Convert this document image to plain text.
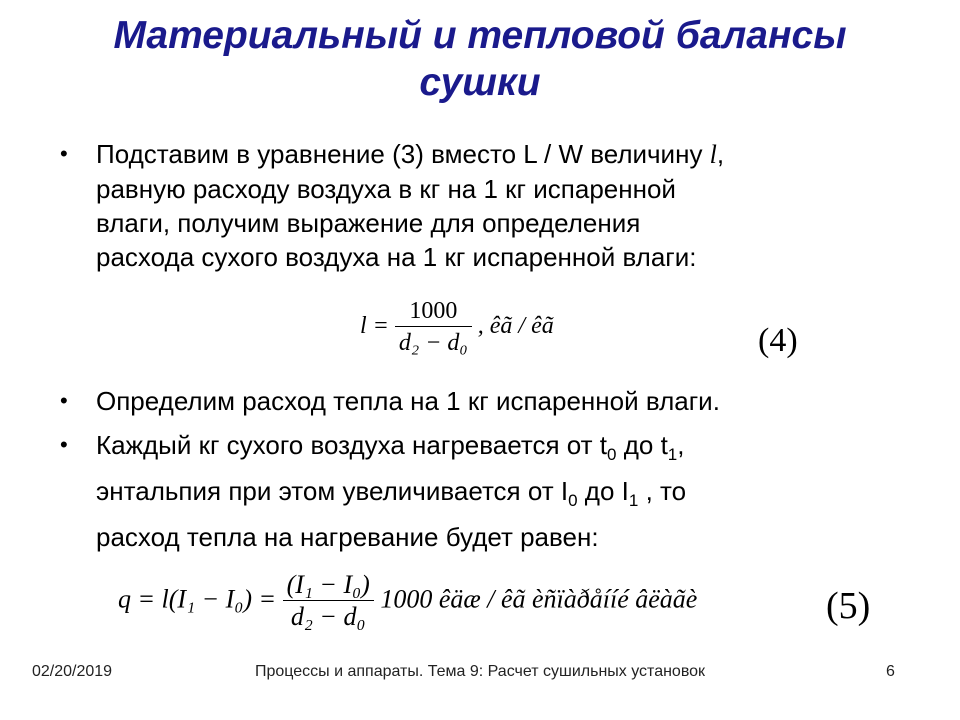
Материальный и тепловой балансы
сушки
• Подставим в уравнение (3) вместо L / W величину l,
равную расходу воздуха в кг на 1 кг испаренной
влаги, получим выражение для определения
расхода сухого воздуха на 1 кг испаренной влаги:
$l = \frac{1000}{\text{d₂ − d₀}}$ , êã / êã	(4)
• Определим расход тепла на 1 кг испаренной влаги.
• Каждый кг сухого воздуха нагревается от $t_0$ до $t_1$,
энтальпия при этом увеличивается от $I_0$ до $I_1$ , то
расход тепла на нагревание будет равен:
$q = l(I_1 - I_0) = \frac{\text{(I₁ − I₀)}}{\text{d₂ − d₀}} 1000$ êäæ / êã èñïàðåííé âëàãè	(5)
02/20/2019	Процессы и аппараты. Тема 9: Расчет сушильных установок	6
